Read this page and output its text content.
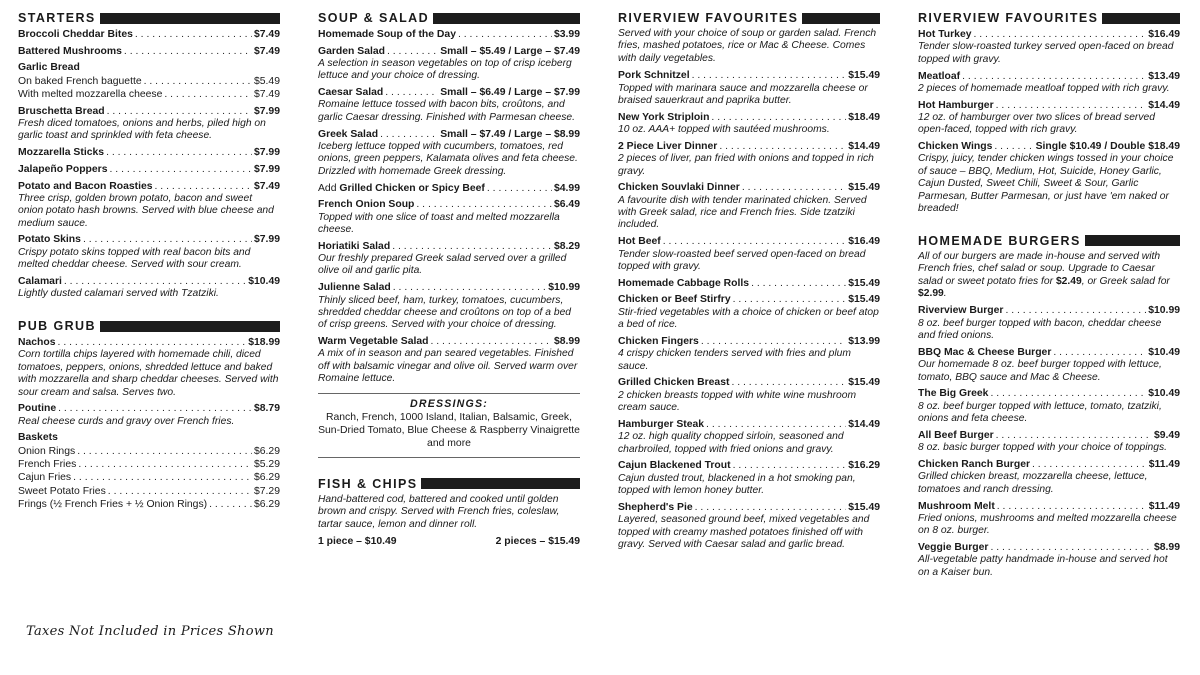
STARTERS
Broccoli Cheddar Bites . . .	$7.49
Battered Mushrooms . . .	$7.49
Garlic Bread
On baked French baguette . . .	$5.49
With melted mozzarella cheese . . .	$7.49
Bruschetta Bread . . .	$7.99
Fresh diced tomatoes, onions and herbs, piled high on garlic toast and sprinkled with feta cheese.
Mozzarella Sticks . . .	$7.99
Jalapeño Poppers . . .	$7.99
Potato and Bacon Roasties . . .	$7.49
Three crisp, golden brown potato, bacon and sweet onion potato hash browns. Served with blue cheese and medium sauce.
Potato Skins . . .	$7.99
Crispy potato skins topped with real bacon bits and melted cheddar cheese. Served with sour cream.
Calamari . . .	$10.49
Lightly dusted calamari served with Tzatziki.
PUB GRUB
Nachos . . .	$18.99
Corn tortilla chips layered with homemade chili, diced tomatoes, peppers, onions, shredded lettuce and baked with mozzarella and sharp cheddar cheeses. Served with sour cream and salsa. Serves two.
Poutine . . .	$8.79
Real cheese curds and gravy over French fries.
Baskets
Onion Rings . . .	$6.29
French Fries . . .	$5.29
Cajun Fries . . .	$6.29
Sweet Potato Fries . . .	$7.29
Frings (½ French Fries + ½ Onion Rings) . . .	$6.29
SOUP & SALAD
Homemade Soup of the Day . . .	$3.99
Garden Salad . . .	Small – $5.49 / Large – $7.49
A selection in season vegetables on top of crisp iceberg lettuce and your choice of dressing.
Caesar Salad . . .	Small – $6.49 / Large – $7.99
Romaine lettuce tossed with bacon bits, croûtons, and garlic Caesar dressing. Finished with Parmesan cheese.
Greek Salad . . .	Small – $7.49 / Large – $8.99
Iceberg lettuce topped with cucumbers, tomatoes, red onions, green peppers, Kalamata olives and feta cheese. Drizzled with homemade Greek dressing.
Add Grilled Chicken or Spicy Beef . . .	$4.99
French Onion Soup . . .	$6.49
Topped with one slice of toast and melted mozzarella cheese.
Horiatiki Salad . . .	$8.29
Our freshly prepared Greek salad served over a grilled olive oil and garlic pita.
Julienne Salad . . .	$10.99
Thinly sliced beef, ham, turkey, tomatoes, cucumbers, shredded cheddar cheese and croûtons on top of a bed of crisp greens. Served with your choice of dressing.
Warm Vegetable Salad . . .	$8.99
A mix of in season and pan seared vegetables. Finished off with balsamic vinegar and olive oil. Served warm over Romaine lettuce.
DRESSINGS:
Ranch, French, 1000 Island, Italian, Balsamic, Greek, Sun-Dried Tomato, Blue Cheese & Raspberry Vinaigrette and more
FISH & CHIPS
Hand-battered cod, battered and cooked until golden brown and crispy. Served with French fries, coleslaw, tartar sauce, lemon and dinner roll.
1 piece – $10.49	2 pieces – $15.49
RIVERVIEW FAVOURITES
Served with your choice of soup or garden salad. French fries, mashed potatoes, rice or Mac & Cheese. Comes with daily vegetables.
Pork Schnitzel . . .	$15.49
Topped with marinara sauce and mozzarella cheese or braised sauerkraut and paprika butter.
New York Striploin . . .	$18.49
10 oz. AAA+ topped with sautéed mushrooms.
2 Piece Liver Dinner . . .	$14.49
2 pieces of liver, pan fried with onions and topped in rich gravy.
Chicken Souvlaki Dinner . . .	$15.49
A favourite dish with tender marinated chicken. Served with Greek salad, rice and French fries. Side tzatziki included.
Hot Beef . . .	$16.49
Tender slow-roasted beef served open-faced on bread topped with gravy.
Homemade Cabbage Rolls . . .	$15.49
Chicken or Beef Stirfry . . .	$15.49
Stir-fried vegetables with a choice of chicken or beef atop a bed of rice.
Chicken Fingers . . .	$13.99
4 crispy chicken tenders served with fries and plum sauce.
Grilled Chicken Breast . . .	$15.49
2 chicken breasts topped with white wine mushroom cream sauce.
Hamburger Steak . . .	$14.49
12 oz. high quality chopped sirloin, seasoned and charbroiled, topped with fried onions and gravy.
Cajun Blackened Trout . . .	$16.29
Cajun dusted trout, blackened in a hot smoking pan, topped with lemon honey butter.
Shepherd's Pie . . .	$15.49
Layered, seasoned ground beef, mixed vegetables and topped with creamy mashed potatoes finished off with gravy. Served with Caesar salad and garlic bread.
RIVERVIEW FAVOURITES
Hot Turkey . . .	$16.49
Tender slow-roasted turkey served open-faced on bread topped with gravy.
Meatloaf . . .	$13.49
2 pieces of homemade meatloaf topped with rich gravy.
Hot Hamburger . . .	$14.49
12 oz. of hamburger over two slices of bread served open-faced, topped with rich gravy.
Chicken Wings . . .	Single $10.49 / Double $18.49
Crispy, juicy, tender chicken wings tossed in your choice of sauce – BBQ, Medium, Hot, Suicide, Honey Garlic, Cajun Dusted, Sweet Chili, Sweet & Sour, Garlic Parmesan, Butter Parmesan, or just have 'em naked or breaded!
HOMEMADE BURGERS
All of our burgers are made in-house and served with French fries, chef salad or soup. Upgrade to Caesar salad or sweet potato fries for $2.49, or Greek salad for $2.99.
Riverview Burger . . .	$10.99
8 oz. beef burger topped with bacon, cheddar cheese and fried onions.
BBQ Mac & Cheese Burger . . .	$10.49
Our homemade 8 oz. beef burger topped with lettuce, tomato, BBQ sauce and Mac & Cheese.
The Big Greek . . .	$10.49
8 oz. beef burger topped with lettuce, tomato, tzatziki, onions and feta cheese.
All Beef Burger . . .	$9.49
8 oz. basic burger topped with your choice of toppings.
Chicken Ranch Burger . . .	$11.49
Grilled chicken breast, mozzarella cheese, lettuce, tomatoes and ranch dressing.
Mushroom Melt . . .	$11.49
Fried onions, mushrooms and melted mozzarella cheese on 8 oz. burger.
Veggie Burger . . .	$8.99
All-vegetable patty handmade in-house and served hot on a Kaiser bun.
Taxes Not Included in Prices Shown
